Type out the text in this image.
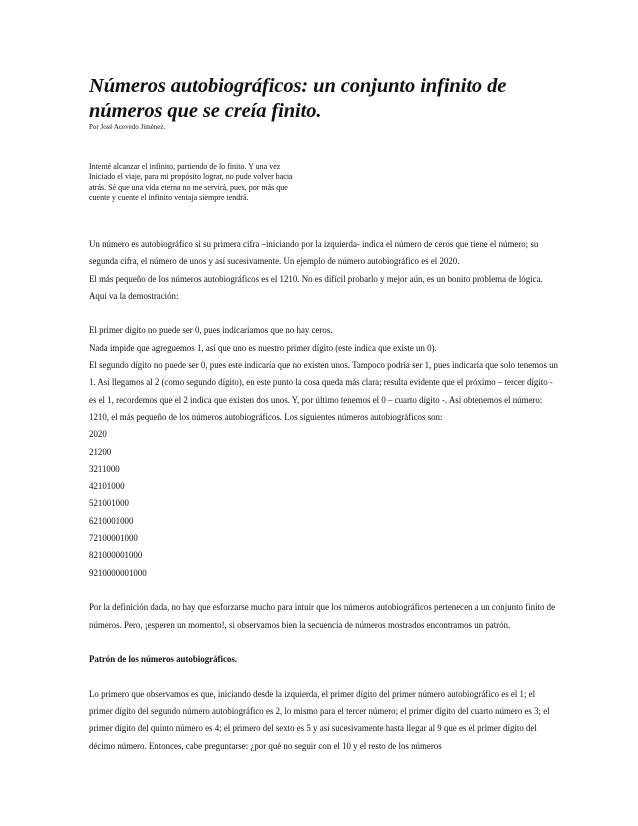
Números autobiográficos: un conjunto infinito de números que se creía finito.
Por José Acevedo Jiménez.
Intenté alcanzar el infinito, partiendo de lo finito. Y una vez Iniciado el viaje, para mi propósito lograr, no pude volver hacia atrás. Sé que una vida eterna no me servirá, pues, por más que cuente y cuente el infinito ventaja siempre tendrá.

Un número es autobiográfico si su primera cifra –iniciando por la izquierda- indica el número de ceros que tiene el número; su segunda cifra, el número de unos y así sucesivamente. Un ejemplo de número autobiográfico es el 2020.

El más pequeño de los números autobiográficos es el 1210. No es difícil probarlo y mejor aún, es un bonito problema de lógica. Aquí va la demostración:

El primer dígito no puede ser 0, pues indicaríamos que no hay ceros.

Nada impide que agreguemos 1, así que uno es nuestro primer dígito (este indica que existe un 0).

El segundo dígito no puede ser 0, pues este indicaría que no existen unos. Tampoco podría ser 1, pues indicaría que solo tenemos un 1. Así llegamos al 2 (como segundo dígito), en este punto la cosa queda más clara; resulta evidente que el próximo – tercer dígito - es el 1, recordemos que el 2 indica que existen dos unos. Y, por último tenemos el 0 – cuarto dígito -. Así obtenemos el número: 1210, el más pequeño de los números autobiográficos. Los siguientes números autobiográficos son:

2020

21200

3211000

42101000

521001000

6210001000

72100001000

821000001000

9210000001000

Por la definición dada, no hay que esforzarse mucho para intuir que los números autobiográficos pertenecen a un conjunto finito de números. Pero, ¡esperen un momento!, si observamos bien la secuencia de números mostrados encontramos un patrón.

Patrón de los números autobiográficos.

Lo primero que observamos es que, iniciando desde la izquierda, el primer dígito del primer número autobiográfico es el 1; el primer dígito del segundo número autobiográfico es 2, lo mismo para el tercer número; el primer dígito del cuarto número es 3; el primer dígito del quinto número es 4; el primero del sexto es 5 y así sucesivamente hasta llegar al 9 que es el primer dígito del décimo número. Entonces, cabe preguntarse: ¿por qué no seguir con el 10 y el resto de los números
